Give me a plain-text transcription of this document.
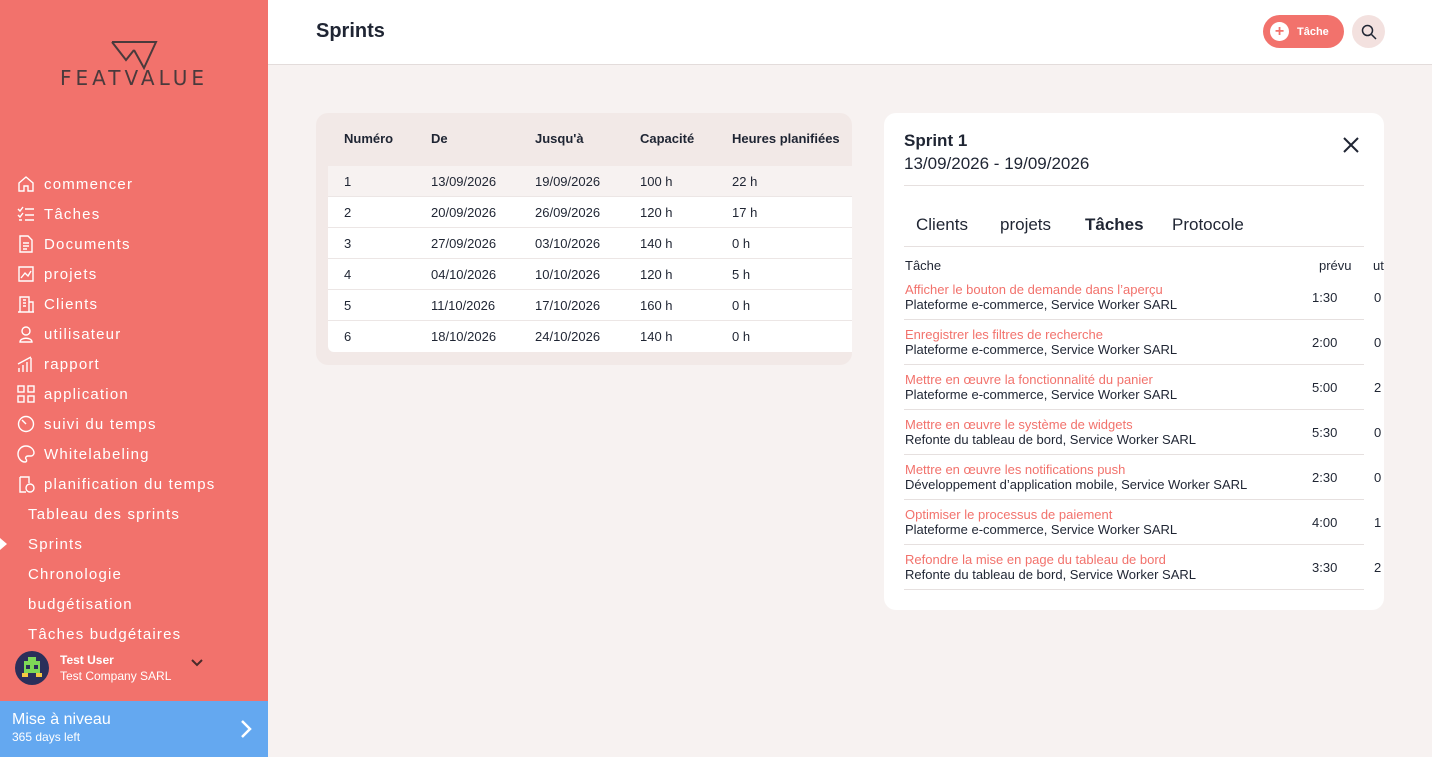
FEATVALUE
commencer
Tâches
Documents
projets
Clients
utilisateur
rapport
application
suivi du temps
Whitelabeling
planification du temps
Tableau des sprints
Sprints
Chronologie
budgétisation
Tâches budgétaires
Test User
Test Company SARL
Mise à niveau
365 days left
Sprints	+	Tâche
Numéro	De	Jusqu'à	Capacité	Heures planifiées
1	13/09/2026	19/09/2026	100 h	22 h
2	20/09/2026	26/09/2026	120 h	17 h
3	27/09/2026	03/10/2026	140 h	0 h
4	04/10/2026	10/10/2026	120 h	5 h
5	11/10/2026	17/10/2026	160 h	0 h
6	18/10/2026	24/10/2026	140 h	0 h
Sprint 1
13/09/2026 - 19/09/2026
Clients projets Tâches Protocole
Tâche	prévu ut
Afficher le bouton de demande dans l’aperçu
Plateforme e-commerce, Service Worker SARL	1:30	0
Enregistrer les filtres de recherche
Plateforme e-commerce, Service Worker SARL	2:00	0
Mettre en œuvre la fonctionnalité du panier
Plateforme e-commerce, Service Worker SARL	5:00	2
Mettre en œuvre le système de widgets
Refonte du tableau de bord, Service Worker SARL	5:30	0
Mettre en œuvre les notifications push
Développement d’application mobile, Service Worker SARL	2:30	0
Optimiser le processus de paiement
Plateforme e-commerce, Service Worker SARL	4:00	1
Refondre la mise en page du tableau de bord
Refonte du tableau de bord, Service Worker SARL	3:30	2
